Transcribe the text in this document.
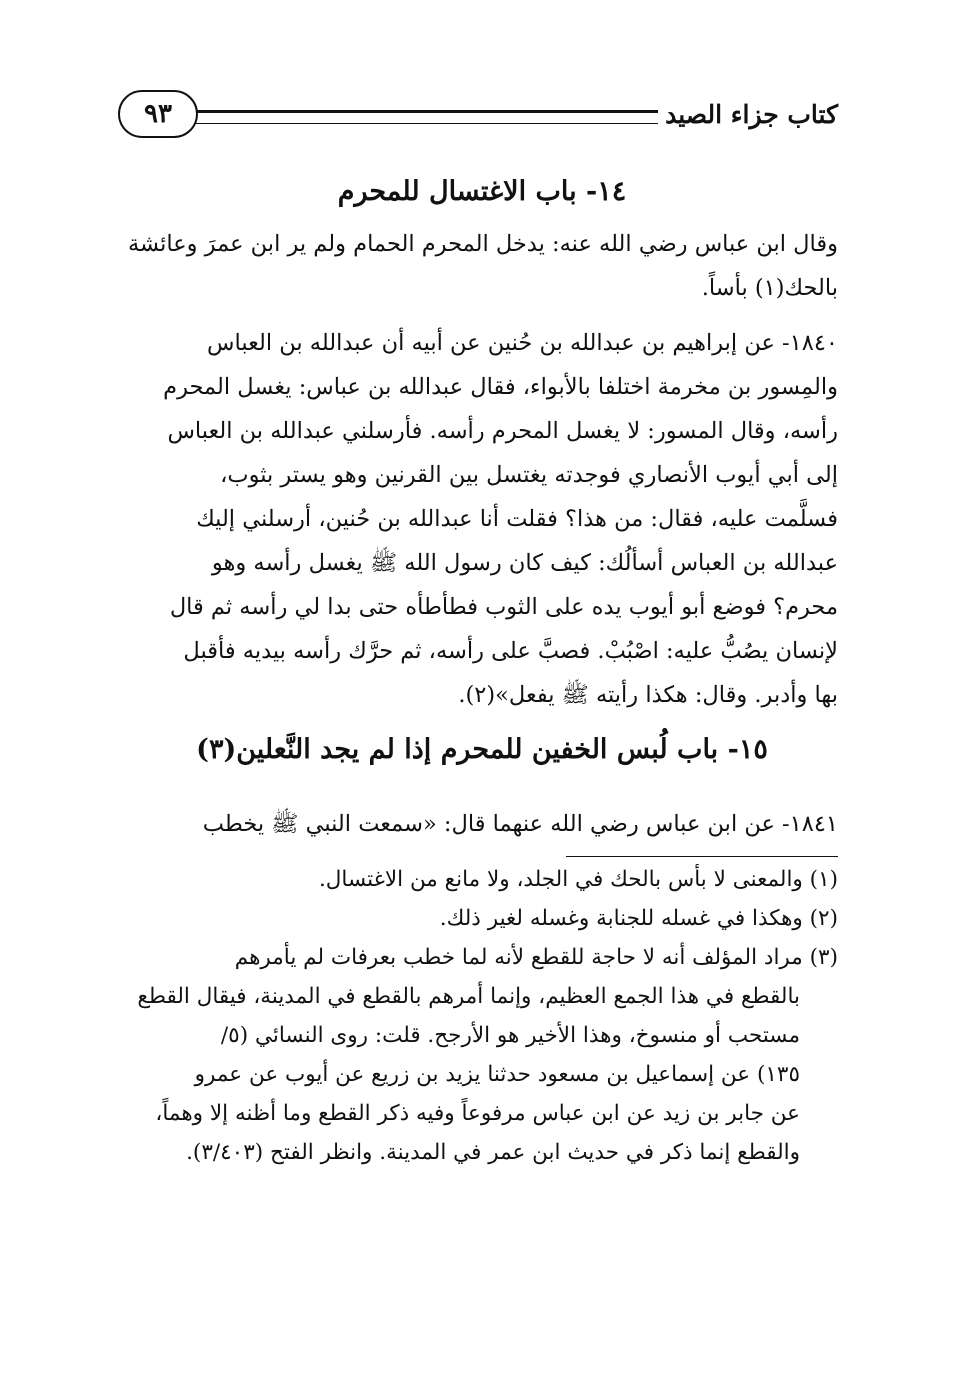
كتاب جزاء الصيد
٩٣
١٤- باب الاغتسال للمحرم
وقال ابن عباس رضي الله عنه: يدخل المحرم الحمام ولم ير ابن عمرَ وعائشة
بالحك(١) بأساً.
١٨٤٠- عن إبراهيم بن عبدالله بن حُنين عن أبيه أن عبدالله بن العباس
والمِسور بن مخرمة اختلفا بالأبواء، فقال عبدالله بن عباس: يغسل المحرم
رأسه، وقال المسور: لا يغسل المحرم رأسه. فأرسلني عبدالله بن العباس
إلى أبي أيوب الأنصاري فوجدته يغتسل بين القرنين وهو يستر بثوب،
فسلَّمت عليه، فقال: من هذا؟ فقلت أنا عبدالله بن حُنين، أرسلني إليك
عبدالله بن العباس أسألُك: كيف كان رسول الله ﷺ يغسل رأسه وهو
محرم؟ فوضع أبو أيوب يده على الثوب فطأطأه حتى بدا لي رأسه ثم قال
لإنسان يصُبُّ عليه: اصْبُبْ. فصبَّ على رأسه، ثم حرَّك رأسه بيديه فأقبل
بها وأدبر. وقال: هكذا رأيته ﷺ يفعل»(٢).
١٥- باب لُبس الخفين للمحرم إذا لم يجد النَّعلين(٣)
١٨٤١- عن ابن عباس رضي الله عنهما قال: «سمعت النبي ﷺ يخطب
(١) والمعنى لا بأس بالحك في الجلد، ولا مانع من الاغتسال.
(٢) وهكذا في غسله للجنابة وغسله لغير ذلك.
(٣) مراد المؤلف أنه لا حاجة للقطع لأنه لما خطب بعرفات لم يأمرهم
بالقطع في هذا الجمع العظيم، وإنما أمرهم بالقطع في المدينة، فيقال القطع
مستحب أو منسوخ، وهذا الأخير هو الأرجح. قلت: روى النسائي (٥/
١٣٥) عن إسماعيل بن مسعود حدثنا يزيد بن زريع عن أيوب عن عمرو
عن جابر بن زيد عن ابن عباس مرفوعاً وفيه ذكر القطع وما أظنه إلا وهماً،
والقطع إنما ذكر في حديث ابن عمر في المدينة. وانظر الفتح (٣/٤٠٣).
